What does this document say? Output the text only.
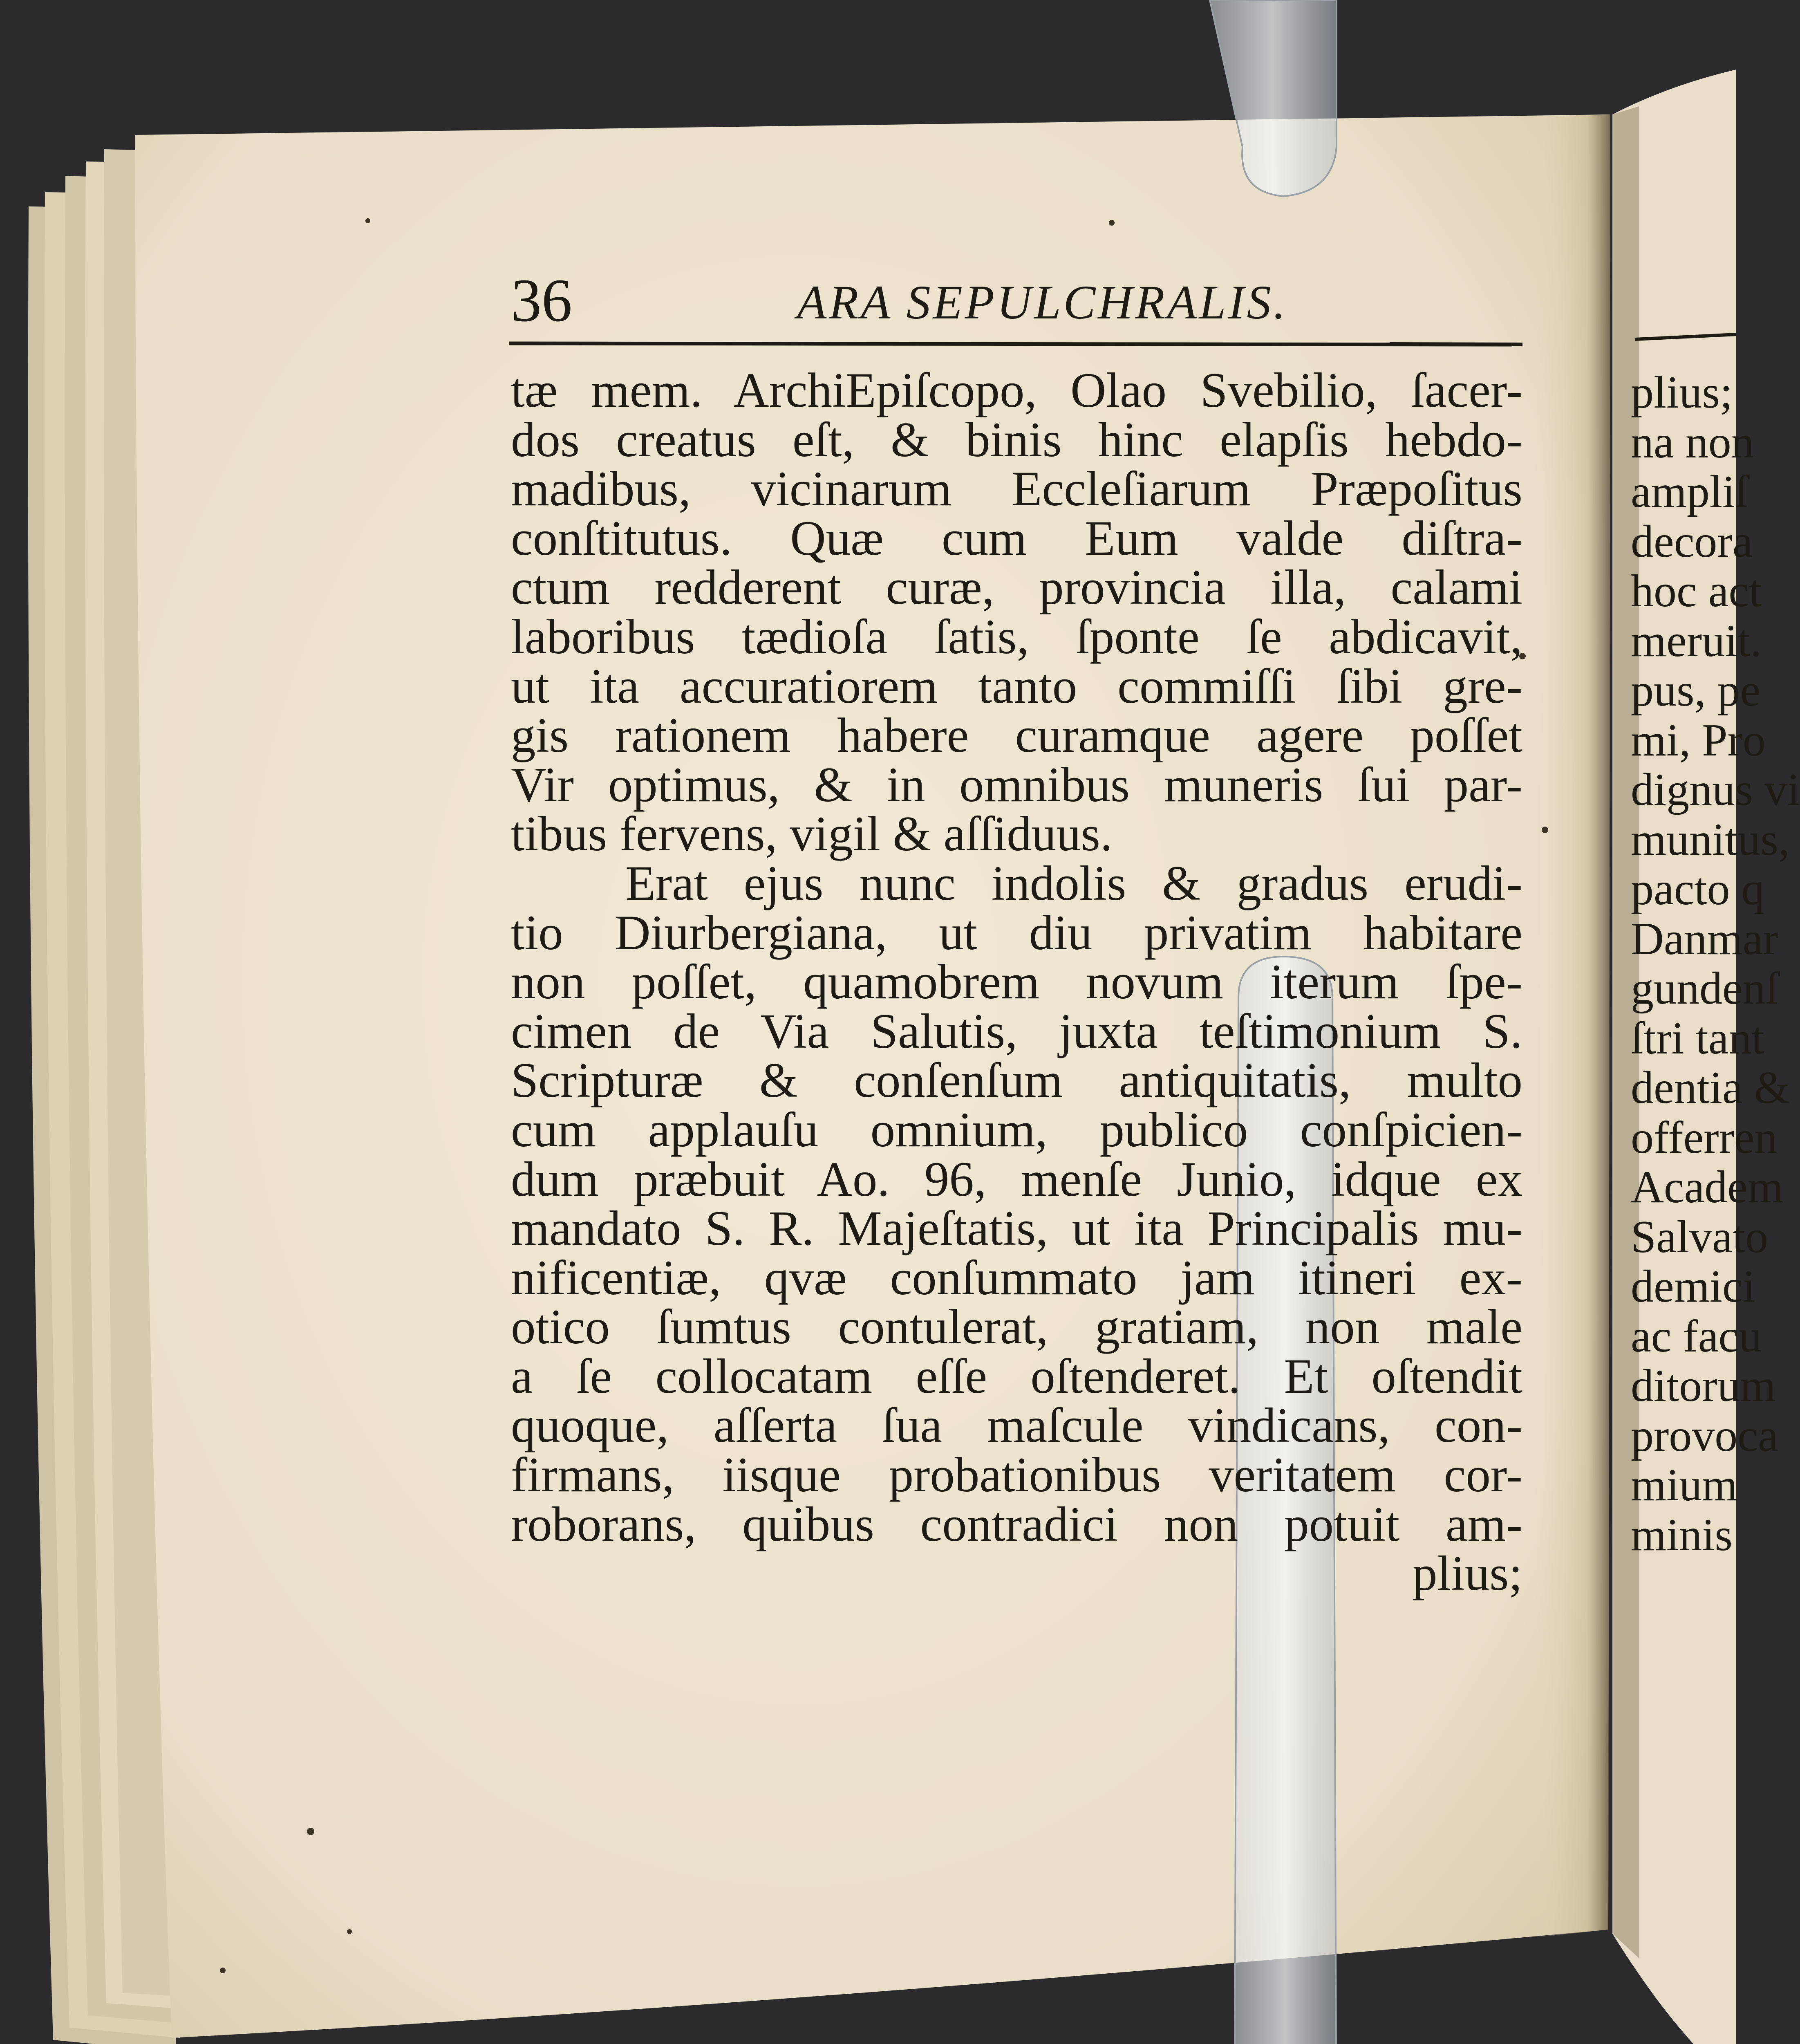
36	ARA SEPULCHRALIS.
tæ mem. ArchiEpiſcopo, Olao Svebilio, ſacer-
dos creatus eſt, & binis hinc elapſis hebdo-
madibus, vicinarum Eccleſiarum Præpoſitus
conſtitutus. Quæ cum Eum valde diſtra-
ctum redderent curæ, provincia illa, calami
laboribus tædioſa ſatis, ſponte ſe abdicavit,
ut ita accuratiorem tanto commiſſi ſibi gre-
gis rationem habere curamque agere poſſet
Vir optimus, & in omnibus muneris ſui par-
tibus fervens, vigil & aſſiduus.
Erat ejus nunc indolis & gradus erudi-
tio Diurbergiana, ut diu privatim habitare
non poſſet, quamobrem novum iterum ſpe-
cimen de Via Salutis, juxta teſtimonium S.
Scripturæ & conſenſum antiquitatis, multo
cum applauſu omnium, publico conſpicien-
dum præbuit Ao. 96, menſe Junio, idque ex
mandato S. R. Majeſtatis, ut ita Principalis mu-
nificentiæ, qvæ conſummato jam itineri ex-
otico ſumtus contulerat, gratiam, non male
a ſe collocatam eſſe oſtenderet. Et oſtendit
quoque, aſſerta ſua maſcule vindicans, con-
firmans, iisque probationibus veritatem cor-
roborans, quibus contradici non potuit am-
plius;
plius;
na non
ampliſ
decora
hoc act
meruit.
pus, pe
mi, Pro
dignus vi
munitus,
pacto q
Danmar
gundenſ
ſtri tant
dentia &
offerren
Academ
Salvato
demici
ac facu
ditorum
provoca
mium
minis
